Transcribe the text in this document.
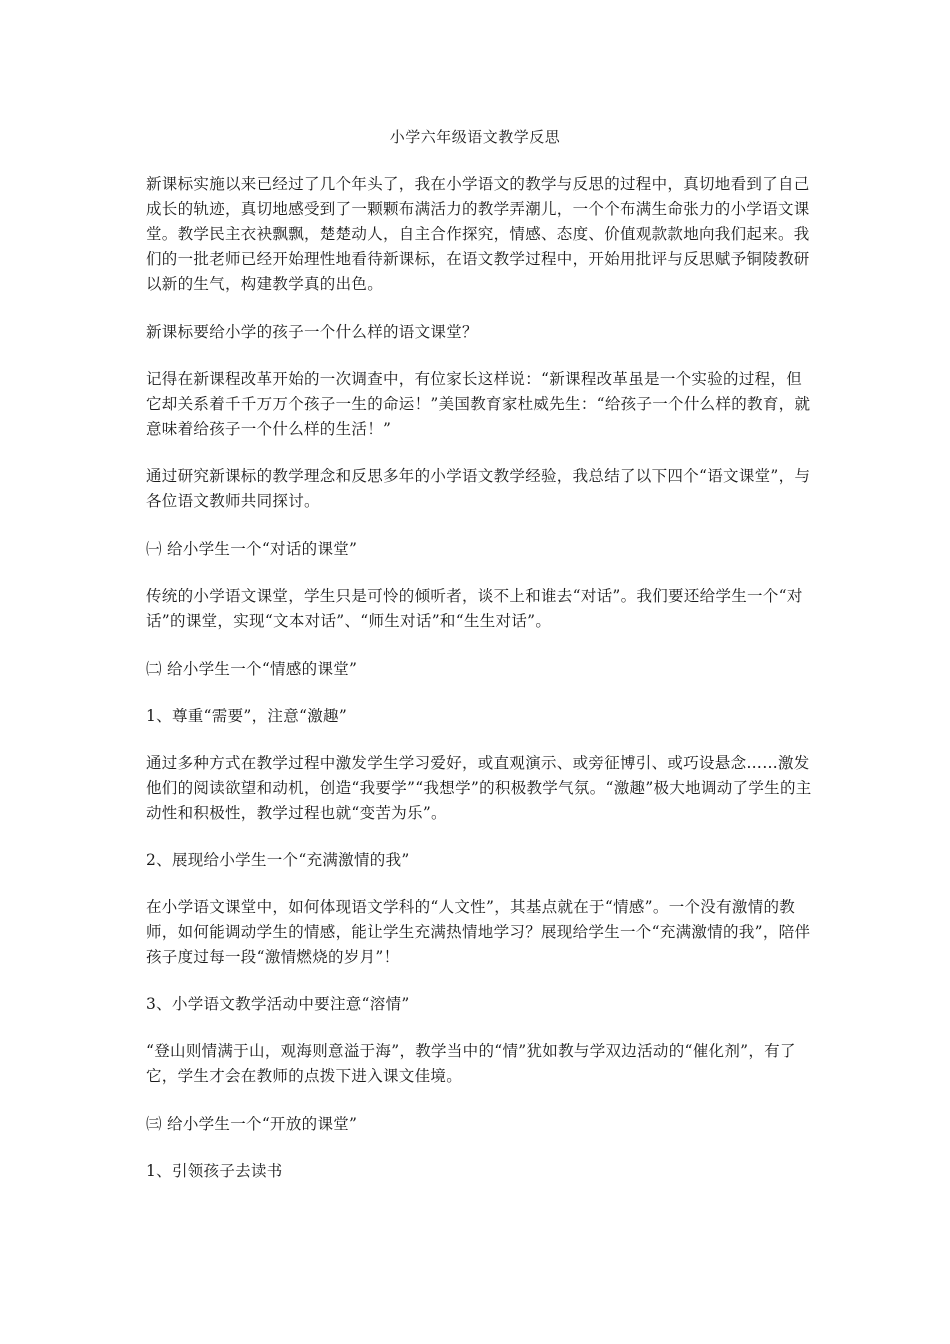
小学六年级语文教学反思

新课标实施以来已经过了几个年头了，我在小学语文的教学与反思的过程中，真切地看到了自己成长的轨迹，真切地感受到了一颗颗布满活力的教学弄潮儿，一个个布满生命张力的小学语文课堂。教学民主衣袂飘飘，楚楚动人，自主合作探究，情感、态度、价值观款款地向我们起来。我们的一批老师已经开始理性地看待新课标，在语文教学过程中，开始用批评与反思赋予铜陵教研以新的生气，构建教学真的出色。

新课标要给小学的孩子一个什么样的语文课堂？

记得在新课程改革开始的一次调查中，有位家长这样说：“新课程改革虽是一个实验的过程，但它却关系着千千万万个孩子一生的命运！”美国教育家杜威先生：“给孩子一个什么样的教育，就意味着给孩子一个什么样的生活！”

通过研究新课标的教学理念和反思多年的小学语文教学经验，我总结了以下四个“语文课堂”，与各位语文教师共同探讨。

㈠ 给小学生一个“对话的课堂”

传统的小学语文课堂，学生只是可怜的倾听者，谈不上和谁去“对话”。我们要还给学生一个“对话”的课堂，实现“文本对话”、“师生对话”和“生生对话”。

㈡ 给小学生一个“情感的课堂”

1、尊重“需要”，注意“激趣”

通过多种方式在教学过程中激发学生学习爱好，或直观演示、或旁征博引、或巧设悬念……激发他们的阅读欲望和动机，创造“我要学”“我想学”的积极教学气氛。“激趣”极大地调动了学生的主动性和积极性，教学过程也就“变苦为乐”。

2、展现给小学生一个“充满激情的我”

在小学语文课堂中，如何体现语文学科的“人文性”，其基点就在于“情感”。一个没有激情的教师，如何能调动学生的情感，能让学生充满热情地学习？展现给学生一个“充满激情的我”，陪伴孩子度过每一段“激情燃烧的岁月”！

3、小学语文教学活动中要注意“溶情”

“登山则情满于山，观海则意溢于海”，教学当中的“情”犹如教与学双边活动的“催化剂”，有了它，学生才会在教师的点拨下进入课文佳境。

㈢ 给小学生一个“开放的课堂”

1、引领孩子去读书
